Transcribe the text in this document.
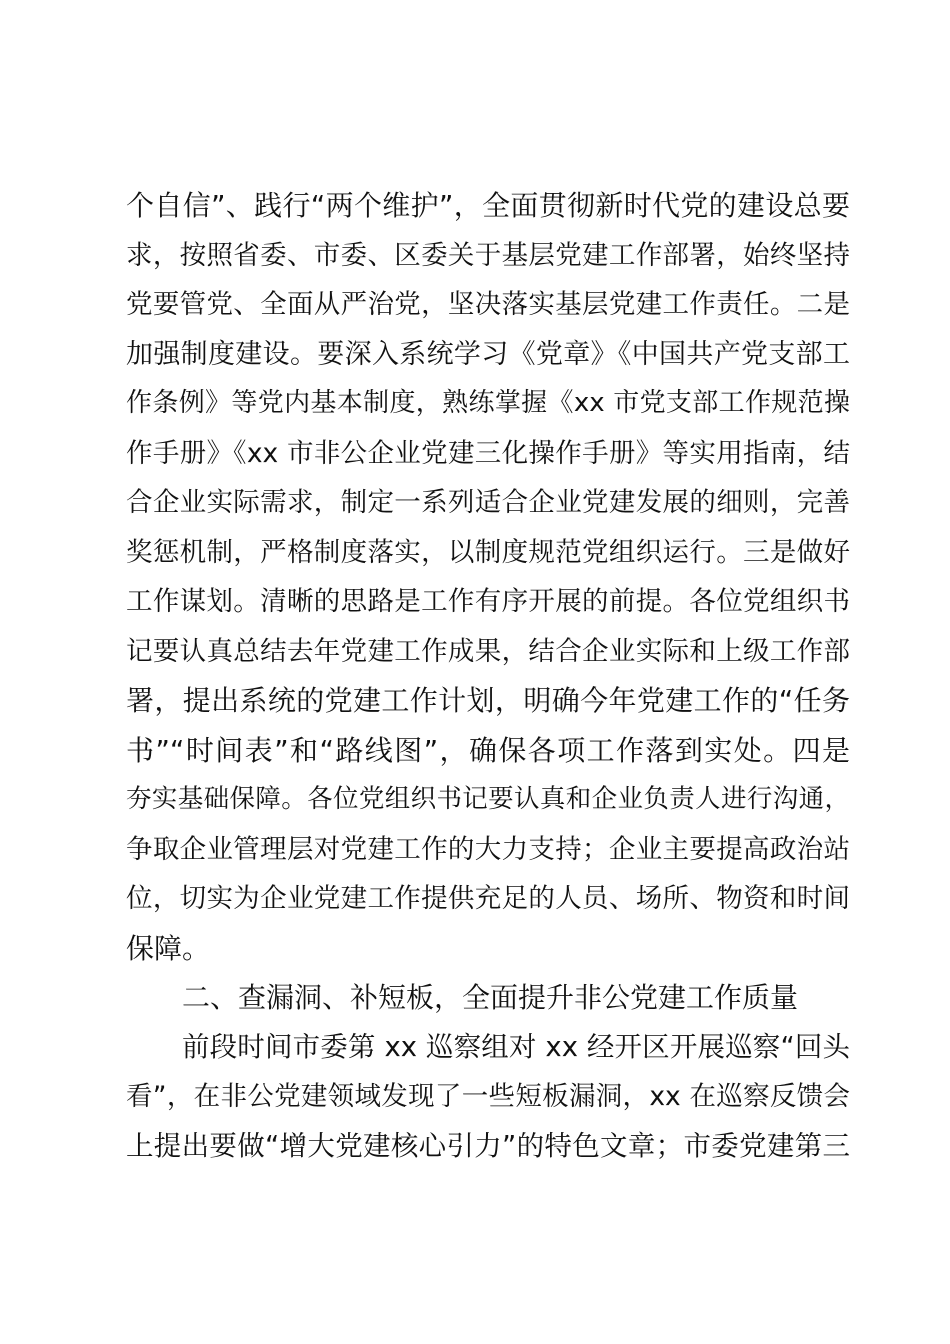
个自信”、践行“两个维护”，全面贯彻新时代党的建设总要
求，按照省委、市委、区委关于基层党建工作部署，始终坚持
党要管党、全面从严治党，坚决落实基层党建工作责任。二是
加强制度建设。要深入系统学习《党章》《中国共产党支部工
作条例》等党内基本制度，熟练掌握《xx 市党支部工作规范操
作手册》《xx 市非公企业党建三化操作手册》等实用指南，结
合企业实际需求，制定一系列适合企业党建发展的细则，完善
奖惩机制，严格制度落实，以制度规范党组织运行。三是做好
工作谋划。清晰的思路是工作有序开展的前提。各位党组织书
记要认真总结去年党建工作成果，结合企业实际和上级工作部
署，提出系统的党建工作计划，明确今年党建工作的“任务
书”“时间表”和“路线图”，确保各项工作落到实处。四是
夯实基础保障。各位党组织书记要认真和企业负责人进行沟通，
争取企业管理层对党建工作的大力支持；企业主要提高政治站
位，切实为企业党建工作提供充足的人员、场所、物资和时间
保障。
二、查漏洞、补短板，全面提升非公党建工作质量
前段时间市委第 xx 巡察组对 xx 经开区开展巡察“回头
看”，在非公党建领域发现了一些短板漏洞，xx 在巡察反馈会
上提出要做“增大党建核心引力”的特色文章；市委党建第三
